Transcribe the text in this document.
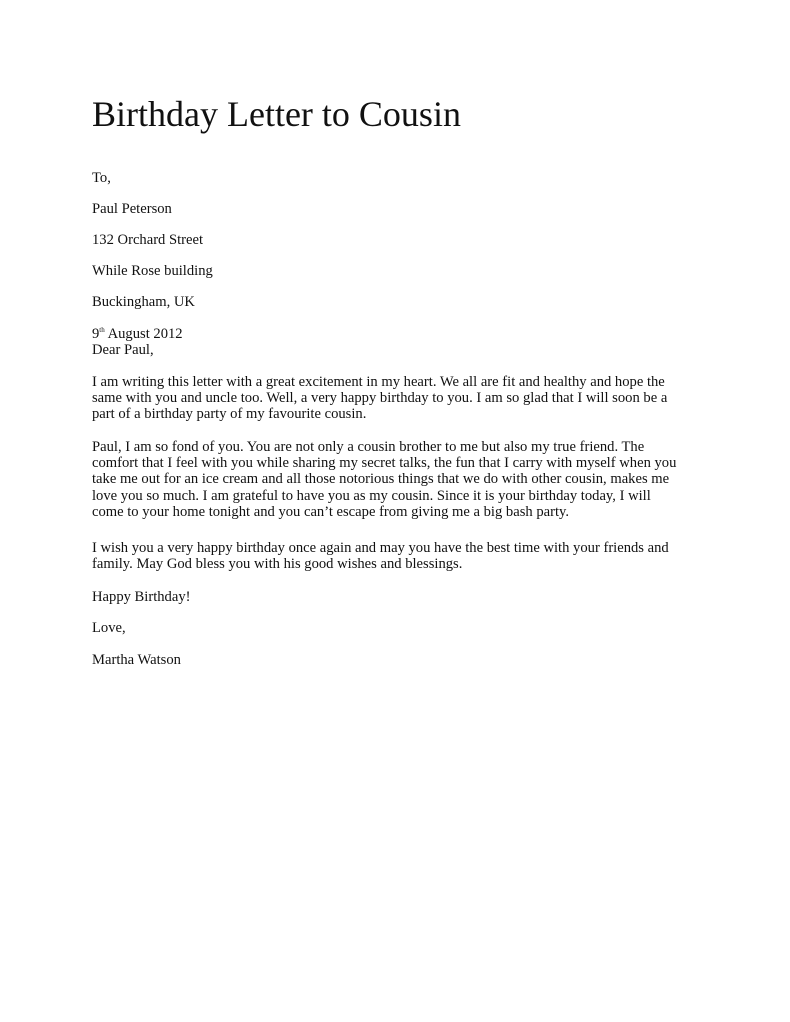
Birthday Letter to Cousin
To,
Paul Peterson
132 Orchard Street
While Rose building
Buckingham, UK
9th August 2012
Dear Paul,
I am writing this letter with a great excitement in my heart. We all are fit and healthy and hope the
same with you and uncle too. Well, a very happy birthday to you. I am so glad that I will soon be a
part of a birthday party of my favourite cousin.
Paul, I am so fond of you. You are not only a cousin brother to me but also my true friend. The
comfort that I feel with you while sharing my secret talks, the fun that I carry with myself when you
take me out for an ice cream and all those notorious things that we do with other cousin, makes me
love you so much. I am grateful to have you as my cousin. Since it is your birthday today, I will
come to your home tonight and you can’t escape from giving me a big bash party.
I wish you a very happy birthday once again and may you have the best time with your friends and
family. May God bless you with his good wishes and blessings.
Happy Birthday!
Love,
Martha Watson
